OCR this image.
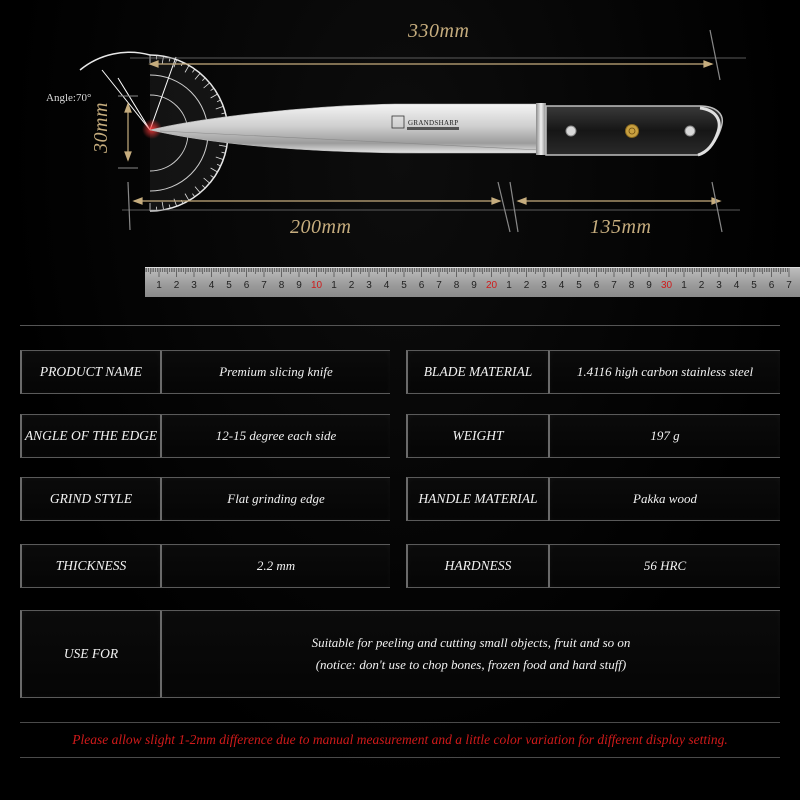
Angle:70°
330mm
30mm
200mm	135mm
GRANDSHARP
1 2 3 4 5 6 7 8 9 10 1 2 3 4 5 6 7 8 9 20 1 2 3 4 5 6 7 8 9 30 1 2 3 4 5 6 7
PRODUCT NAME	Premium slicing knife	BLADE MATERIAL	1.4116 high carbon stainless steel
ANGLE OF THE EDGE	12-15 degree each side	WEIGHT	197 g
GRIND STYLE	Flat grinding edge	HANDLE MATERIAL	Pakka wood
THICKNESS	2.2 mm	HARDNESS	56 HRC
USE FOR
Suitable for peeling and cutting small objects, fruit and so on
(notice: don't use to chop bones, frozen food and hard stuff)
Please allow slight 1-2mm difference due to manual measurement and a little color variation for different display setting.
